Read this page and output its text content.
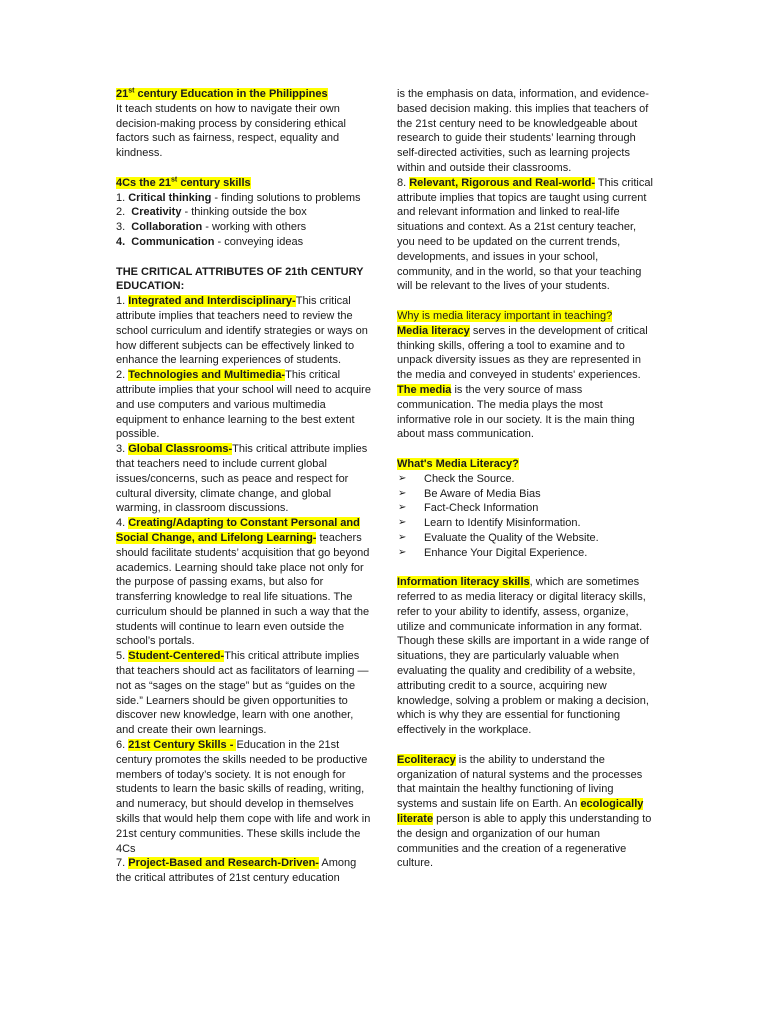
21st century Education in the Philippines

It teach students on how to navigate their own decision-making process by considering ethical factors such as fairness, respect, equality and kindness.

4Cs the 21st century skills

1. Critical thinking - finding solutions to problems

2.  Creativity - thinking outside the box

3.  Collaboration - working with others

4.  Communication - conveying ideas

THE CRITICAL ATTRIBUTES OF 21th CENTURY EDUCATION:

1. Integrated and Interdisciplinary-This critical attribute implies that teachers need to review the school curriculum and identify strategies or ways on how different subjects can be effectively linked to enhance the learning experiences of students.

2. Technologies and Multimedia-This critical attribute implies that your school will need to acquire and use computers and various multimedia equipment to enhance learning to the best extent possible.

3. Global Classrooms-This critical attribute implies that teachers need to include current global issues/concerns, such as peace and respect for cultural diversity, climate change, and global warming, in classroom discussions.

4. Creating/Adapting to Constant Personal and Social Change, and Lifelong Learning- teachers should facilitate students’ acquisition that go beyond academics. Learning should take place not only for the purpose of passing exams, but also for transferring knowledge to real life situations. The curriculum should be planned in such a way that the students will continue to learn even outside the school’s portals.

5. Student-Centered-This critical attribute implies that teachers should act as facilitators of learning — not as “sages on the stage” but as “guides on the side.” Learners should be given opportunities to discover new knowledge, learn with one another, and create their own learnings.

6. 21st Century Skills - Education in the 21st century promotes the skills needed to be productive members of today’s society. It is not enough for students to learn the basic skills of reading, writing, and numeracy, but should develop in themselves skills that would help them cope with life and work in 21st century communities. These skills include the 4Cs

7. Project-Based and Research-Driven- Among the critical attributes of 21st century education

is the emphasis on data, information, and evidence-based decision making. this implies that teachers of the 21st century need to be knowledgeable about research to guide their students’ learning through self-directed activities, such as learning projects within and outside their classrooms.

8. Relevant, Rigorous and Real-world- This critical attribute implies that topics are taught using current and relevant information and linked to real-life situations and context. As a 21st century teacher, you need to be updated on the current trends, developments, and issues in your school, community, and in the world, so that your teaching will be relevant to the lives of your students.

Why is media literacy important in teaching?

Media literacy serves in the development of critical thinking skills, offering a tool to examine and to unpack diversity issues as they are represented in the media and conveyed in students' experiences.

The media is the very source of mass communication. The media plays the most informative role in our society. It is the main thing about mass communication.

What's Media Literacy?

➢ Check the Source.
➢ Be Aware of Media Bias
➢ Fact-Check Information
➢ Learn to Identify Misinformation.
➢ Evaluate the Quality of the Website.
➢ Enhance Your Digital Experience.

Information literacy skills, which are sometimes referred to as media literacy or digital literacy skills, refer to your ability to identify, assess, organize, utilize and communicate information in any format. Though these skills are important in a wide range of situations, they are particularly valuable when evaluating the quality and credibility of a website, attributing credit to a source, acquiring new knowledge, solving a problem or making a decision, which is why they are essential for functioning effectively in the workplace.

Ecoliteracy is the ability to understand the organization of natural systems and the processes that maintain the healthy functioning of living systems and sustain life on Earth. An ecologically literate person is able to apply this understanding to the design and organization of our human communities and the creation of a regenerative culture.
